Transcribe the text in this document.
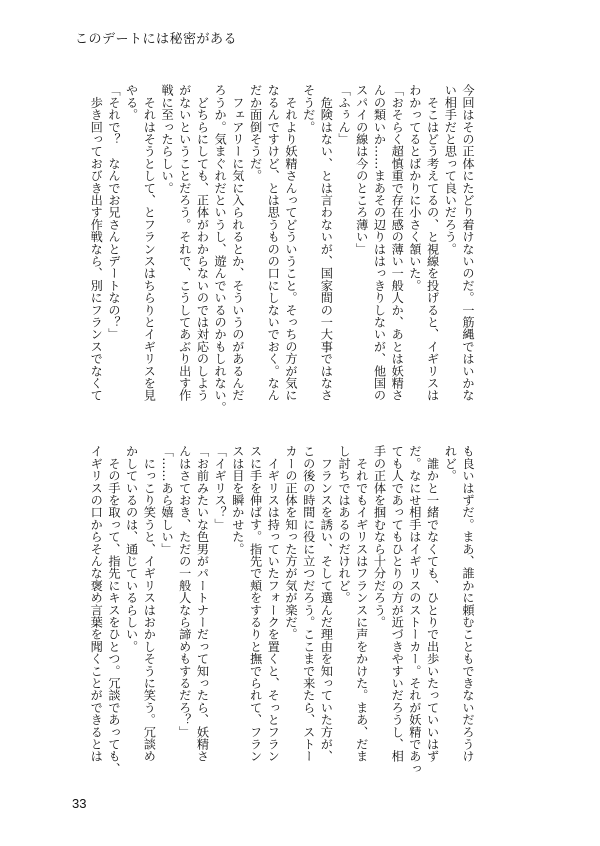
このデートには秘密がある
今回はその正体にたどり着けないのだ。一筋縄ではいかな
い相手だと思って良いだろう。
　そこはどう考えてるの、と視線を投げると、イギリスは
わかってるとばかりに小さく頷いた。
「おそらく超慎重で存在感の薄い一般人か、あとは妖精さ
んの類いか……まあその辺りははっきりしないが、他国の
スパイの線は今のところ薄い」
「ふぅん」
　危険はない、とは言わないが、国家間の一大事ではなさ
そうだ。
　それより妖精さんってどういうこと。そっちの方が気に
なるんですけど、とは思うものの口にしないでおく。なん
だか面倒そうだ。
　フェアリーに気に入られるとか、そういうのがあるんだ
ろうか。気まぐれだというし、遊んでいるのかもしれない。
　どちらにしても、正体がわからないのでは対応のしよう
がないということだろう。それで、こうしてあぶり出す作
戦に至ったらしい。
　それはそうとして、とフランスはちらりとイギリスを見
やる。
「それで？　なんでお兄さんとデートなの？」
　歩き回っておびき出す作戦なら、別にフランスでなくて
も良いはずだ。まあ、誰かに頼むこともできないだろうけ
れど。
　誰かと一緒でなくても、ひとりで出歩いたっていいはず
だ。なにせ相手はイギリスのストーカー。それが妖精であっ
ても人であってもひとりの方が近づきやすいだろうし、相
手の正体を掴むなら十分だろう。
　それでもイギリスはフランスに声をかけた。まあ、だま
し討ちではあるのだけれど。
　フランスを誘い、そして選んだ理由を知っていた方が、
この後の時間に役に立つだろう。ここまで来たら、ストー
カーの正体を知った方が気が楽だ。
　イギリスは持っていたフォークを置くと、そっとフラン
スに手を伸ばす。指先で頬をするりと撫でられて、フラン
スは目を瞬かせた。
「イギリス？」
「お前みたいな色男がパートナーだって知ったら、妖精さ
んはさておき、ただの一般人なら諦めもするだろ？」
「……あら嬉しい」
　にっこり笑うと、イギリスはおかしそうに笑う。冗談め
かしているのは、通じているらしい。
　その手を取って、指先にキスをひとつ。冗談であっても、
イギリスの口からそんな褒め言葉を聞くことができるとは
33
